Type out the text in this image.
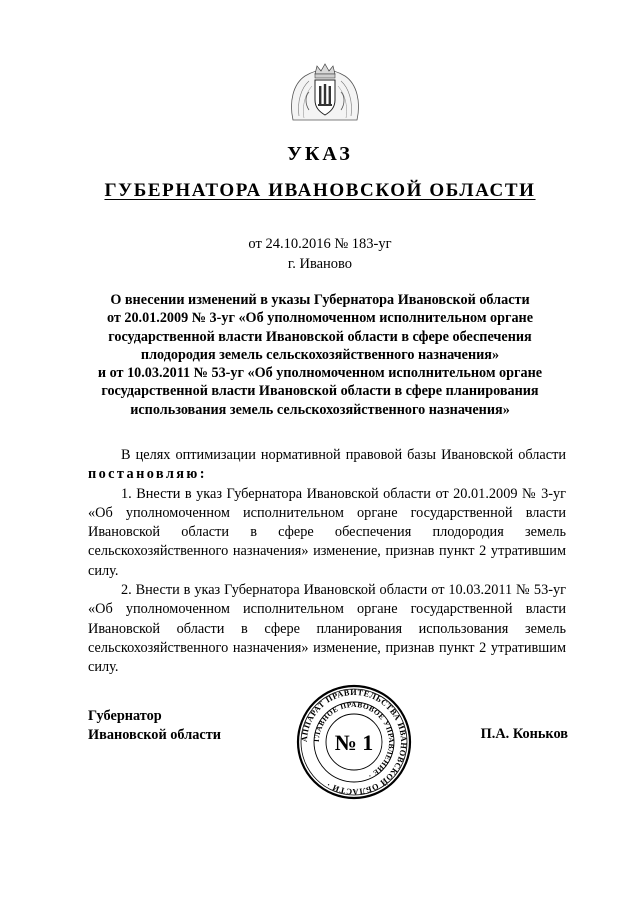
УКАЗ
ГУБЕРНАТОРА ИВАНОВСКОЙ ОБЛАСТИ
от 24.10.2016 № 183-уг
г. Иваново
О внесении изменений в указы Губернатора Ивановской области
от 20.01.2009 № 3-уг «Об уполномоченном исполнительном органе
государственной власти Ивановской области в сфере обеспечения
плодородия земель сельскохозяйственного назначения»
и от 10.03.2011 № 53-уг «Об уполномоченном исполнительном органе
государственной власти Ивановской области в сфере планирования
использования земель сельскохозяйственного назначения»

В целях оптимизации нормативной правовой базы Ивановской области постановляю:

1. Внести в указ Губернатора Ивановской области от 20.01.2009 № 3-уг «Об уполномоченном исполнительном органе государственной власти Ивановской области в сфере обеспечения плодородия земель сельскохозяйственного назначения» изменение, признав пункт 2 утратившим силу.

2. Внести в указ Губернатора Ивановской области от 10.03.2011 № 53-уг «Об уполномоченном исполнительном органе государственной власти Ивановской области в сфере планирования использования земель сельскохозяйственного назначения» изменение, признав пункт 2 утратившим силу.

Губернатор
Ивановской области	АППАРАТ ПРАВИТЕЛЬСТВА ИВАНОВСКОЙ ОБЛАСТИ ·
ГЛАВНОЕ ПРАВОВОЕ УПРАВЛЕНИЕ ·
№ 1	П.А. Коньков
